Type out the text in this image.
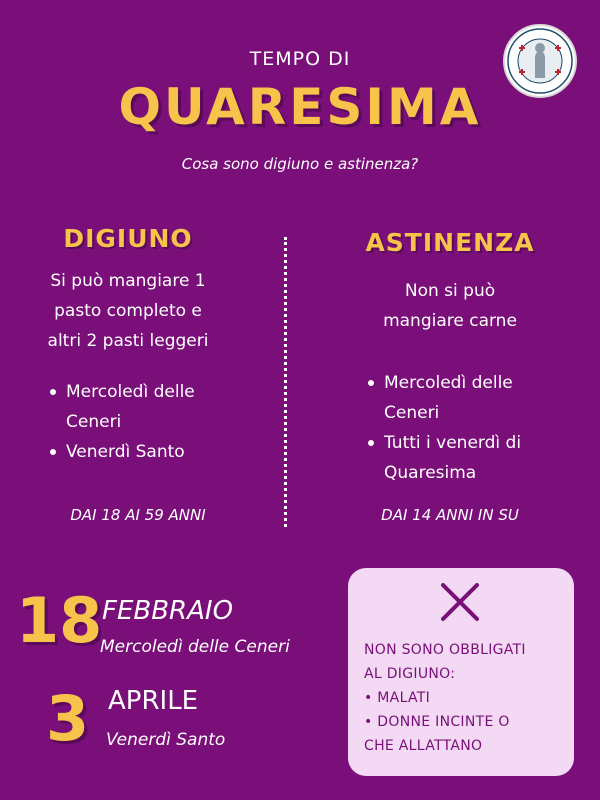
TEMPO DI
QUARESIMA
Cosa sono digiuno e astinenza?
DIGIUNO
Si può mangiare 1
pasto completo e
altri 2 pasti leggeri
Mercoledì delle
Ceneri
Venerdì Santo
DAI 18 AI 59 ANNI
ASTINENZA
Non si può
mangiare carne
Mercoledì delle
Ceneri
Tutti i venerdì di
Quaresima
DAI 14 ANNI IN SU
18 FEBBRAIO
Mercoledì delle Ceneri
3 APRILE
Venerdì Santo
NON SONO OBBLIGATI
AL DIGIUNO:
• MALATI
• DONNE INCINTE O
CHE ALLATTANO
